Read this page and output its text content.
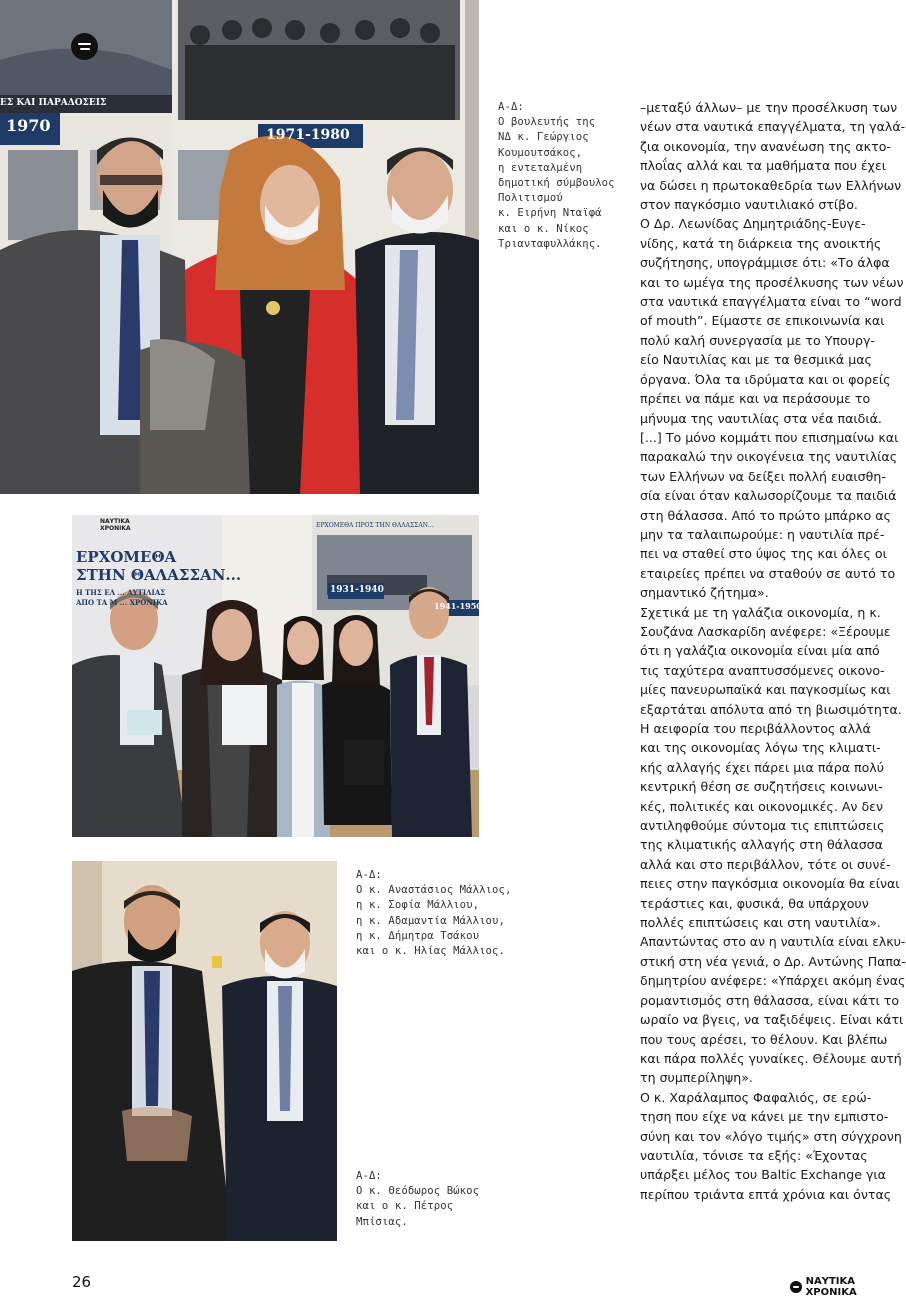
Α-Δ:
Ο βουλευτής της
ΝΔ κ. Γεώργιος
Κουμουτσάκος,
η εντεταλμένη
δημοτική σύμβουλος
Πολιτισμού
κ. Ειρήνη Νταϊφά
και ο κ. Νίκος
Τριανταφυλλάκης.
Α-Δ:
Ο κ. Αναστάσιος Μάλλιος,
η κ. Σοφία Μάλλιου,
η κ. Αδαμαντία Μάλλιου,
η κ. Δήμητρα Τσάκου
και ο κ. Ηλίας Μάλλιος.
Α-Δ:
Ο κ. Θεόδωρος Βώκος
και ο κ. Πέτρος
Μπίσιας.
–μεταξύ άλλων– με την προσέλκυση των
νέων στα ναυτικά επαγγέλματα, τη γαλά-
ζια οικονομία, την ανανέωση της ακτο-
πλοΐας αλλά και τα μαθήματα που έχει
να δώσει η πρωτοκαθεδρία των Ελλήνων
στον παγκόσμιο ναυτιλιακό στίβο.
Ο Δρ. Λεωνίδας Δημητριάδης-Ευγε-
νίδης, κατά τη διάρκεια της ανοικτής
συζήτησης, υπογράμμισε ότι: «Το άλφα
και το ωμέγα της προσέλκυσης των νέων
στα ναυτικά επαγγέλματα είναι το “word
of mouth”. Είμαστε σε επικοινωνία και
πολύ καλή συνεργασία με το Υπουργ-
είο Ναυτιλίας και με τα θεσμικά μας
όργανα. Όλα τα ιδρύματα και οι φορείς
πρέπει να πάμε και να περάσουμε το
μήνυμα της ναυτιλίας στα νέα παιδιά.
[...] Το μόνο κομμάτι που επισημαίνω και
παρακαλώ την οικογένεια της ναυτιλίας
των Ελλήνων να δείξει πολλή ευαισθη-
σία είναι όταν καλωσορίζουμε τα παιδιά
στη θάλασσα. Από το πρώτο μπάρκο ας
μην τα ταλαιπωρούμε: η ναυτιλία πρέ-
πει να σταθεί στο ύψος της και όλες οι
εταιρείες πρέπει να σταθούν σε αυτό το
σημαντικό ζήτημα».
Σχετικά με τη γαλάζια οικονομία, η κ.
Σουζάνα Λασκαρίδη ανέφερε: «Ξέρουμε
ότι η γαλάζια οικονομία είναι μία από
τις ταχύτερα αναπτυσσόμενες οικονο-
μίες πανευρωπαϊκά και παγκοσμίως και
εξαρτάται απόλυτα από τη βιωσιμότητα.
Η αειφορία του περιβάλλοντος αλλά
και της οικονομίας λόγω της κλιματι-
κής αλλαγής έχει πάρει μια πάρα πολύ
κεντρική θέση σε συζητήσεις κοινωνι-
κές, πολιτικές και οικονομικές. Αν δεν
αντιληφθούμε σύντομα τις επιπτώσεις
της κλιματικής αλλαγής στη θάλασσα
αλλά και στο περιβάλλον, τότε οι συνέ-
πειες στην παγκόσμια οικονομία θα είναι
τεράστιες και, φυσικά, θα υπάρχουν
πολλές επιπτώσεις και στη ναυτιλία».
Απαντώντας στο αν η ναυτιλία είναι ελκυ-
στική στη νέα γενιά, ο Δρ. Αντώνης Παπα-
δημητρίου ανέφερε: «Υπάρχει ακόμη ένας
ρομαντισμός στη θάλασσα, είναι κάτι το
ωραίο να βγεις, να ταξιδέψεις. Είναι κάτι
που τους αρέσει, το θέλουν. Και βλέπω
και πάρα πολλές γυναίκες. Θέλουμε αυτή
τη συμπερίληψη».
Ο κ. Χαράλαμπος Φαφαλιός, σε ερώ-
τηση που είχε να κάνει με την εμπιστο-
σύνη και τον «λόγο τιμής» στη σύγχρονη
ναυτιλία, τόνισε τα εξής: «Έχοντας
υπάρξει μέλος του Baltic Exchange για
περίπου τριάντα επτά χρόνια και όντας
26	ΝΑΥΤΙΚΑ ΧΡΟΝΙΚΑ
1970	1971-1980
ΕΣ ΚΑΙ ΠΑΡΑΔΟΣΕΙΣ
ΝΑΥΤΙΚΑ ΧΡΟΝΙΚΑ
ΕΡΧΟΜΕΘΑ
ΣΤΗΝ ΘΑΛΑΣΣΑΝ...
Η ΤΗΣ ΕΛ ... ΑΥΤΙΛΙΑΣ
ΑΠΟ ΤΑ Μ ... ΧΡΟΝΙΚΑ
ΕΡΧΟΜΕΘΑ ΠΡΟΣ ΤΗΝ ΘΑΛΑΣΣΑΝ...
1931-1940
1941-1950
